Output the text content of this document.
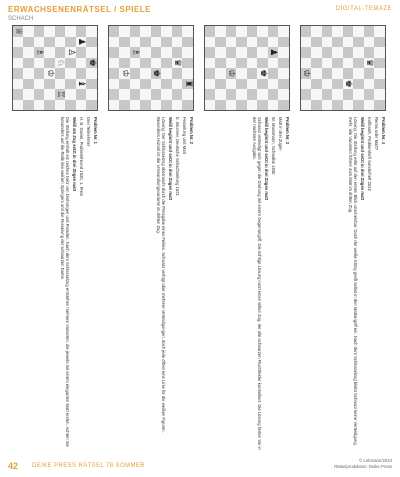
ERWACHSENENRÄTSEL / SPIELE
SCHACH
DIGITAL-TEMAZE
♚
♟
♝
♙
♘
♖
♔
♗
♕

Problem Nr. 1

Drei Teilnehmer

H. B. Daniel, Problemfreund 1920, 1. Preis

Weiß am Zug setzt in drei Zügen matt

Die Stellung enthält ein reiches Netz von Drohungen und Paraden. Nach dem Schlüsselzug entstehen mehrere Varianten, die jeweils mit einem eleganten Matt enden. Achten Sie besonders auf die Rolle des weißen Springers und die Fesselung der schwarzen Dame.

♜
♛
♚
♗
♔

Problem Nr. 2

Fesselung und Matt

E. Brunner, Deutsche Schachzeitung 1921

Weiß beginnt und setzt in drei Zügen matt

Lösung: Der Schlüsselzug überrascht durch die Preisgabe eines Feldes. Schwarz verfügt über mehrere Verteidigungen, doch jede öffnet eine Linie für die weißen Figuren. Besonders reizvoll ist die Umwandlungsvariante im dritten Zug.

♟
♚
♔

Problem Nr. 3

Matt in drei Zügen

W. Massmann, Schwalbe 1930

Weiß beginnt und setzt in drei Zügen matt

Schwarz verteidigt sich gegen die Drohung mit einem Gegenangriff. Die richtige Lösung nutzt einen stillen Zug, der alle schwarzen Fluchtfelder kontrolliert. Die Lösung finden Sie in der nächsten Ausgabe.

♛
♚
♔

Problem Nr. 4

Remis oder Matt?

Kufferath, Problemheft Sonderheft 2022

Weiß beginnt und setzt in drei Zügen matt

Lösung: Die Stellung wirkt auf den ersten Blick unscheinbar. Doch der weiße König greift selbst in den Mattangriff ein. Nach dem Schlüsselzug bleibt Schwarz keine Verteidigung mehr, alle Varianten führen zum Matt im dritten Zug.

42 DEIKE PRESS RÄTSEL 78 SOMMER
© Lehmann/2023
Rätselproduktion: Deike Press
